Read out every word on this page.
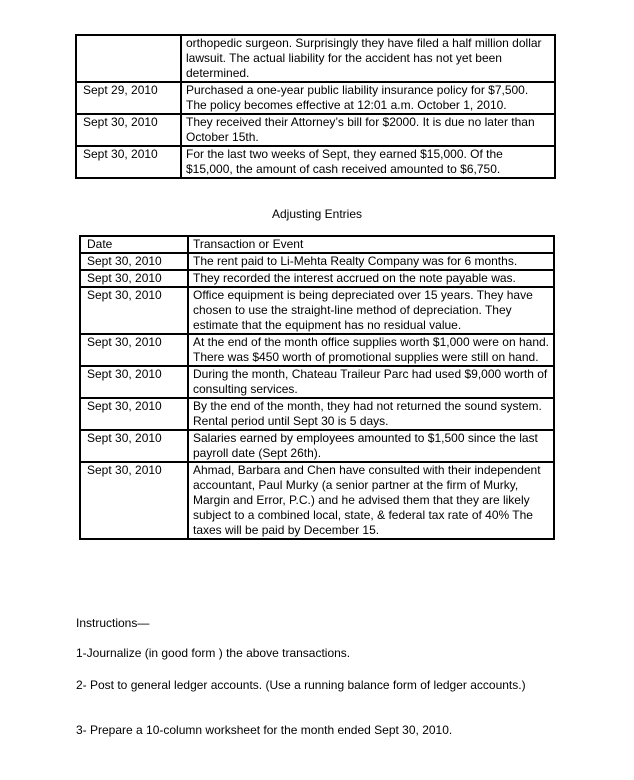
	orthopedic surgeon. Surprisingly they have filed a half million dollar lawsuit. The actual liability for the accident has not yet been determined.
Sept 29, 2010	Purchased a one-year public liability insurance policy for $7,500. The policy becomes effective at 12:01 a.m. October 1, 2010.
Sept 30, 2010	They received their Attorney’s bill for $2000. It is due no later than October 15th.
Sept 30, 2010	For the last two weeks of Sept, they earned $15,000. Of the $15,000, the amount of cash received amounted to $6,750.
Adjusting Entries
Date	Transaction or Event
Sept 30, 2010	The rent paid to Li-Mehta Realty Company was for 6 months.
Sept 30, 2010	They recorded the interest accrued on the note payable was.
Sept 30, 2010	Office equipment is being depreciated over 15 years. They have chosen to use the straight-line method of depreciation. They estimate that the equipment has no residual value.
Sept 30, 2010	At the end of the month office supplies worth $1,000 were on hand. There was $450 worth of promotional supplies were still on hand.
Sept 30, 2010	During the month, Chateau Traileur Parc had used $9,000 worth of consulting services.
Sept 30, 2010	By the end of the month, they had not returned the sound system. Rental period until Sept 30 is 5 days.
Sept 30, 2010	Salaries earned by employees amounted to $1,500 since the last payroll date (Sept 26th).
Sept 30, 2010	Ahmad, Barbara and Chen have consulted with their independent accountant, Paul Murky (a senior partner at the firm of Murky, Margin and Error, P.C.) and he advised them that they are likely subject to a combined local, state, & federal tax rate of 40% The taxes will be paid by December 15.
Instructions—
1-Journalize (in good form ) the above transactions.
2- Post to general ledger accounts. (Use a running balance form of ledger accounts.)
3- Prepare a 10-column worksheet for the month ended Sept 30, 2010.
